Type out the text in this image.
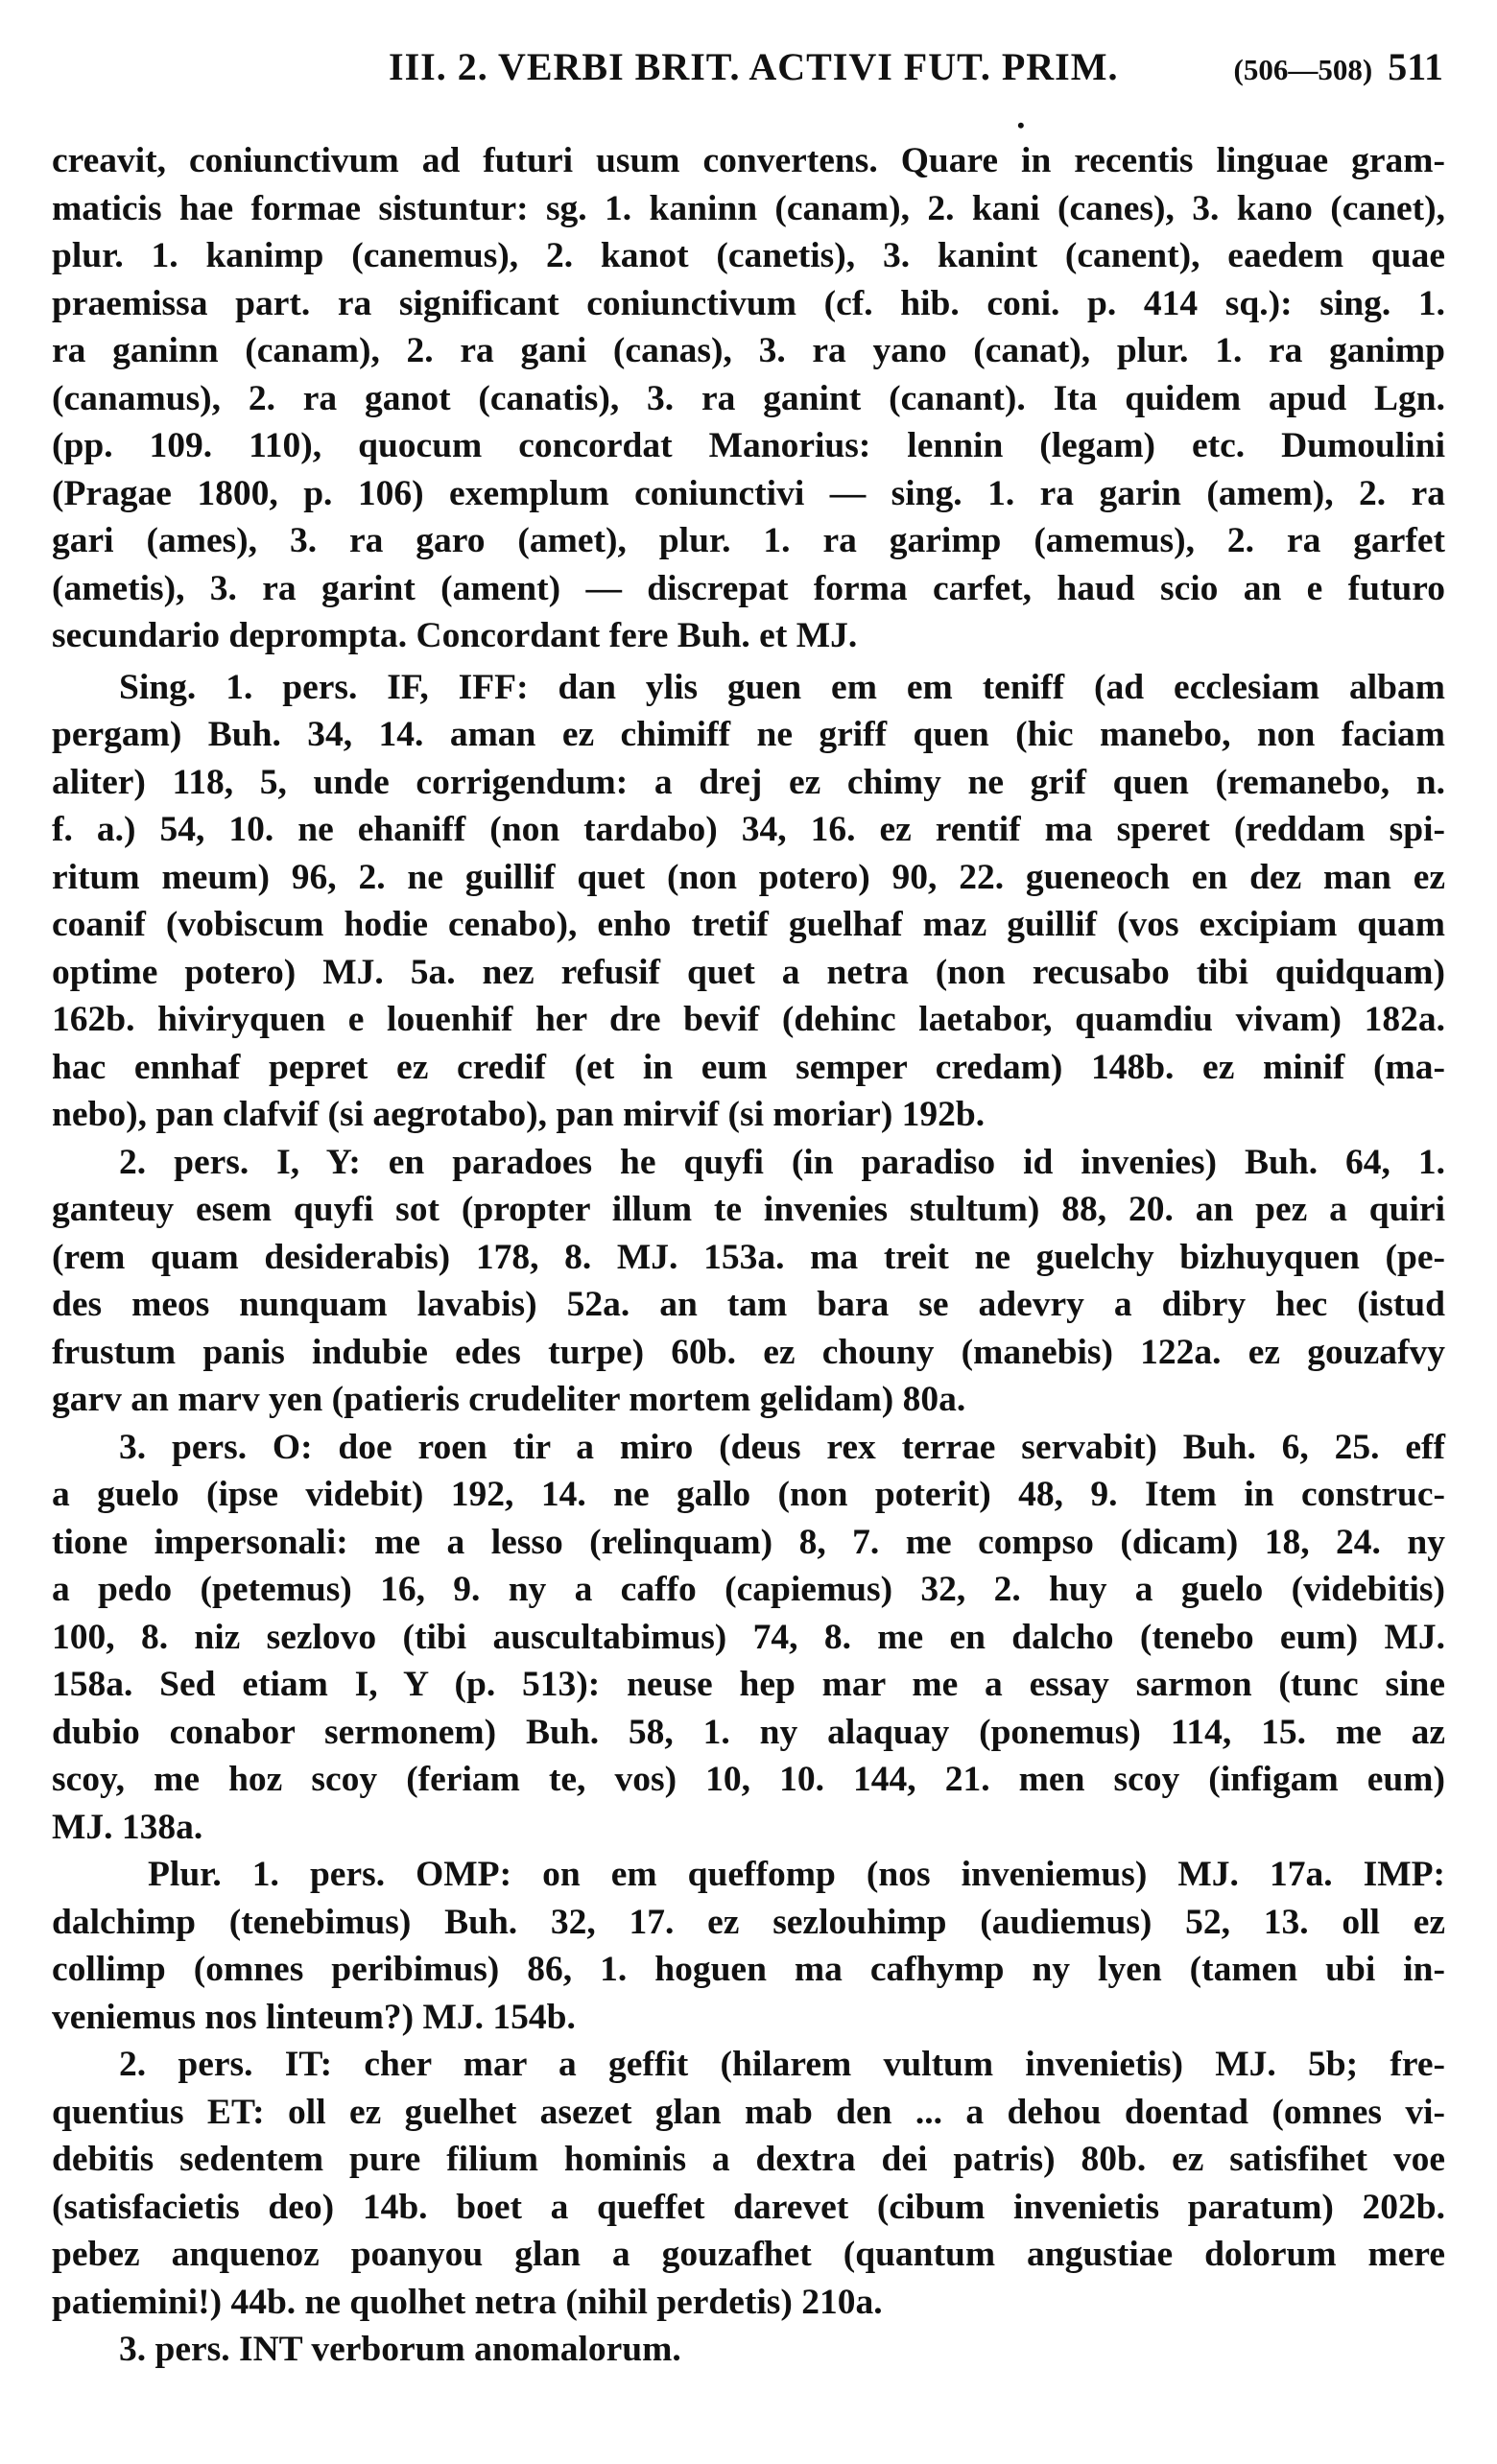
III. 2. VERBI BRIT. ACTIVI FUT. PRIM.	(506—508) 511
•
creavit, coniunctivum ad futuri usum convertens. Quare in recentis linguae gram-
maticis hae formae sistuntur: sg. 1. kaninn (canam), 2. kani (canes), 3. kano (canet),
plur. 1. kanimp (canemus), 2. kanot (canetis), 3. kanint (canent), eaedem quae
praemissa part. ra significant coniunctivum (cf. hib. coni. p. 414 sq.): sing. 1.
ra ganinn (canam), 2. ra gani (canas), 3. ra yano (canat), plur. 1. ra ganimp
(canamus), 2. ra ganot (canatis), 3. ra ganint (canant). Ita quidem apud Lgn.
(pp. 109. 110), quocum concordat Manorius: lennin (legam) etc. Dumoulini
(Pragae 1800, p. 106) exemplum coniunctivi — sing. 1. ra garin (amem), 2. ra
gari (ames), 3. ra garo (amet), plur. 1. ra garimp (amemus), 2. ra garfet
(ametis), 3. ra garint (ament) — discrepat forma carfet, haud scio an e futuro
secundario deprompta. Concordant fere Buh. et MJ.
Sing. 1. pers. IF, IFF: dan ylis guen em em teniff (ad ecclesiam albam
pergam) Buh. 34, 14. aman ez chimiff ne griff quen (hic manebo, non faciam
aliter) 118, 5, unde corrigendum: a drej ez chimy ne grif quen (remanebo, n.
f. a.) 54, 10. ne ehaniff (non tardabo) 34, 16. ez rentif ma speret (reddam spi-
ritum meum) 96, 2. ne guillif quet (non potero) 90, 22. gueneoch en dez man ez
coanif (vobiscum hodie cenabo), enho tretif guelhaf maz guillif (vos excipiam quam
optime potero) MJ. 5a. nez refusif quet a netra (non recusabo tibi quidquam)
162b. hiviryquen e louenhif her dre bevif (dehinc laetabor, quamdiu vivam) 182a.
hac ennhaf pepret ez credif (et in eum semper credam) 148b. ez minif (ma-
nebo), pan clafvif (si aegrotabo), pan mirvif (si moriar) 192b.
2. pers. I, Y: en paradoes he quyfi (in paradiso id invenies) Buh. 64, 1.
ganteuy esem quyfi sot (propter illum te invenies stultum) 88, 20. an pez a quiri
(rem quam desiderabis) 178, 8. MJ. 153a. ma treit ne guelchy bizhuyquen (pe-
des meos nunquam lavabis) 52a. an tam bara se adevry a dibry hec (istud
frustum panis indubie edes turpe) 60b. ez chouny (manebis) 122a. ez gouzafvy
garv an marv yen (patieris crudeliter mortem gelidam) 80a.
3. pers. O: doe roen tir a miro (deus rex terrae servabit) Buh. 6, 25. eff
a guelo (ipse videbit) 192, 14. ne gallo (non poterit) 48, 9. Item in construc-
tione impersonali: me a lesso (relinquam) 8, 7. me compso (dicam) 18, 24. ny
a pedo (petemus) 16, 9. ny a caffo (capiemus) 32, 2. huy a guelo (videbitis)
100, 8. niz sezlovo (tibi auscultabimus) 74, 8. me en dalcho (tenebo eum) MJ.
158a. Sed etiam I, Y (p. 513): neuse hep mar me a essay sarmon (tunc sine
dubio conabor sermonem) Buh. 58, 1. ny alaquay (ponemus) 114, 15. me az
scoy, me hoz scoy (feriam te, vos) 10, 10. 144, 21. men scoy (infigam eum)
MJ. 138a.
Plur. 1. pers. OMP: on em queffomp (nos inveniemus) MJ. 17a. IMP:
dalchimp (tenebimus) Buh. 32, 17. ez sezlouhimp (audiemus) 52, 13. oll ez
collimp (omnes peribimus) 86, 1. hoguen ma cafhymp ny lyen (tamen ubi in-
veniemus nos linteum?) MJ. 154b.
2. pers. IT: cher mar a geffit (hilarem vultum invenietis) MJ. 5b; fre-
quentius ET: oll ez guelhet asezet glan mab den ... a dehou doentad (omnes vi-
debitis sedentem pure filium hominis a dextra dei patris) 80b. ez satisfihet voe
(satisfacietis deo) 14b. boet a queffet darevet (cibum invenietis paratum) 202b.
pebez anquenoz poanyou glan a gouzafhet (quantum angustiae dolorum mere
patiemini!) 44b. ne quolhet netra (nihil perdetis) 210a.
3. pers. INT verborum anomalorum.
